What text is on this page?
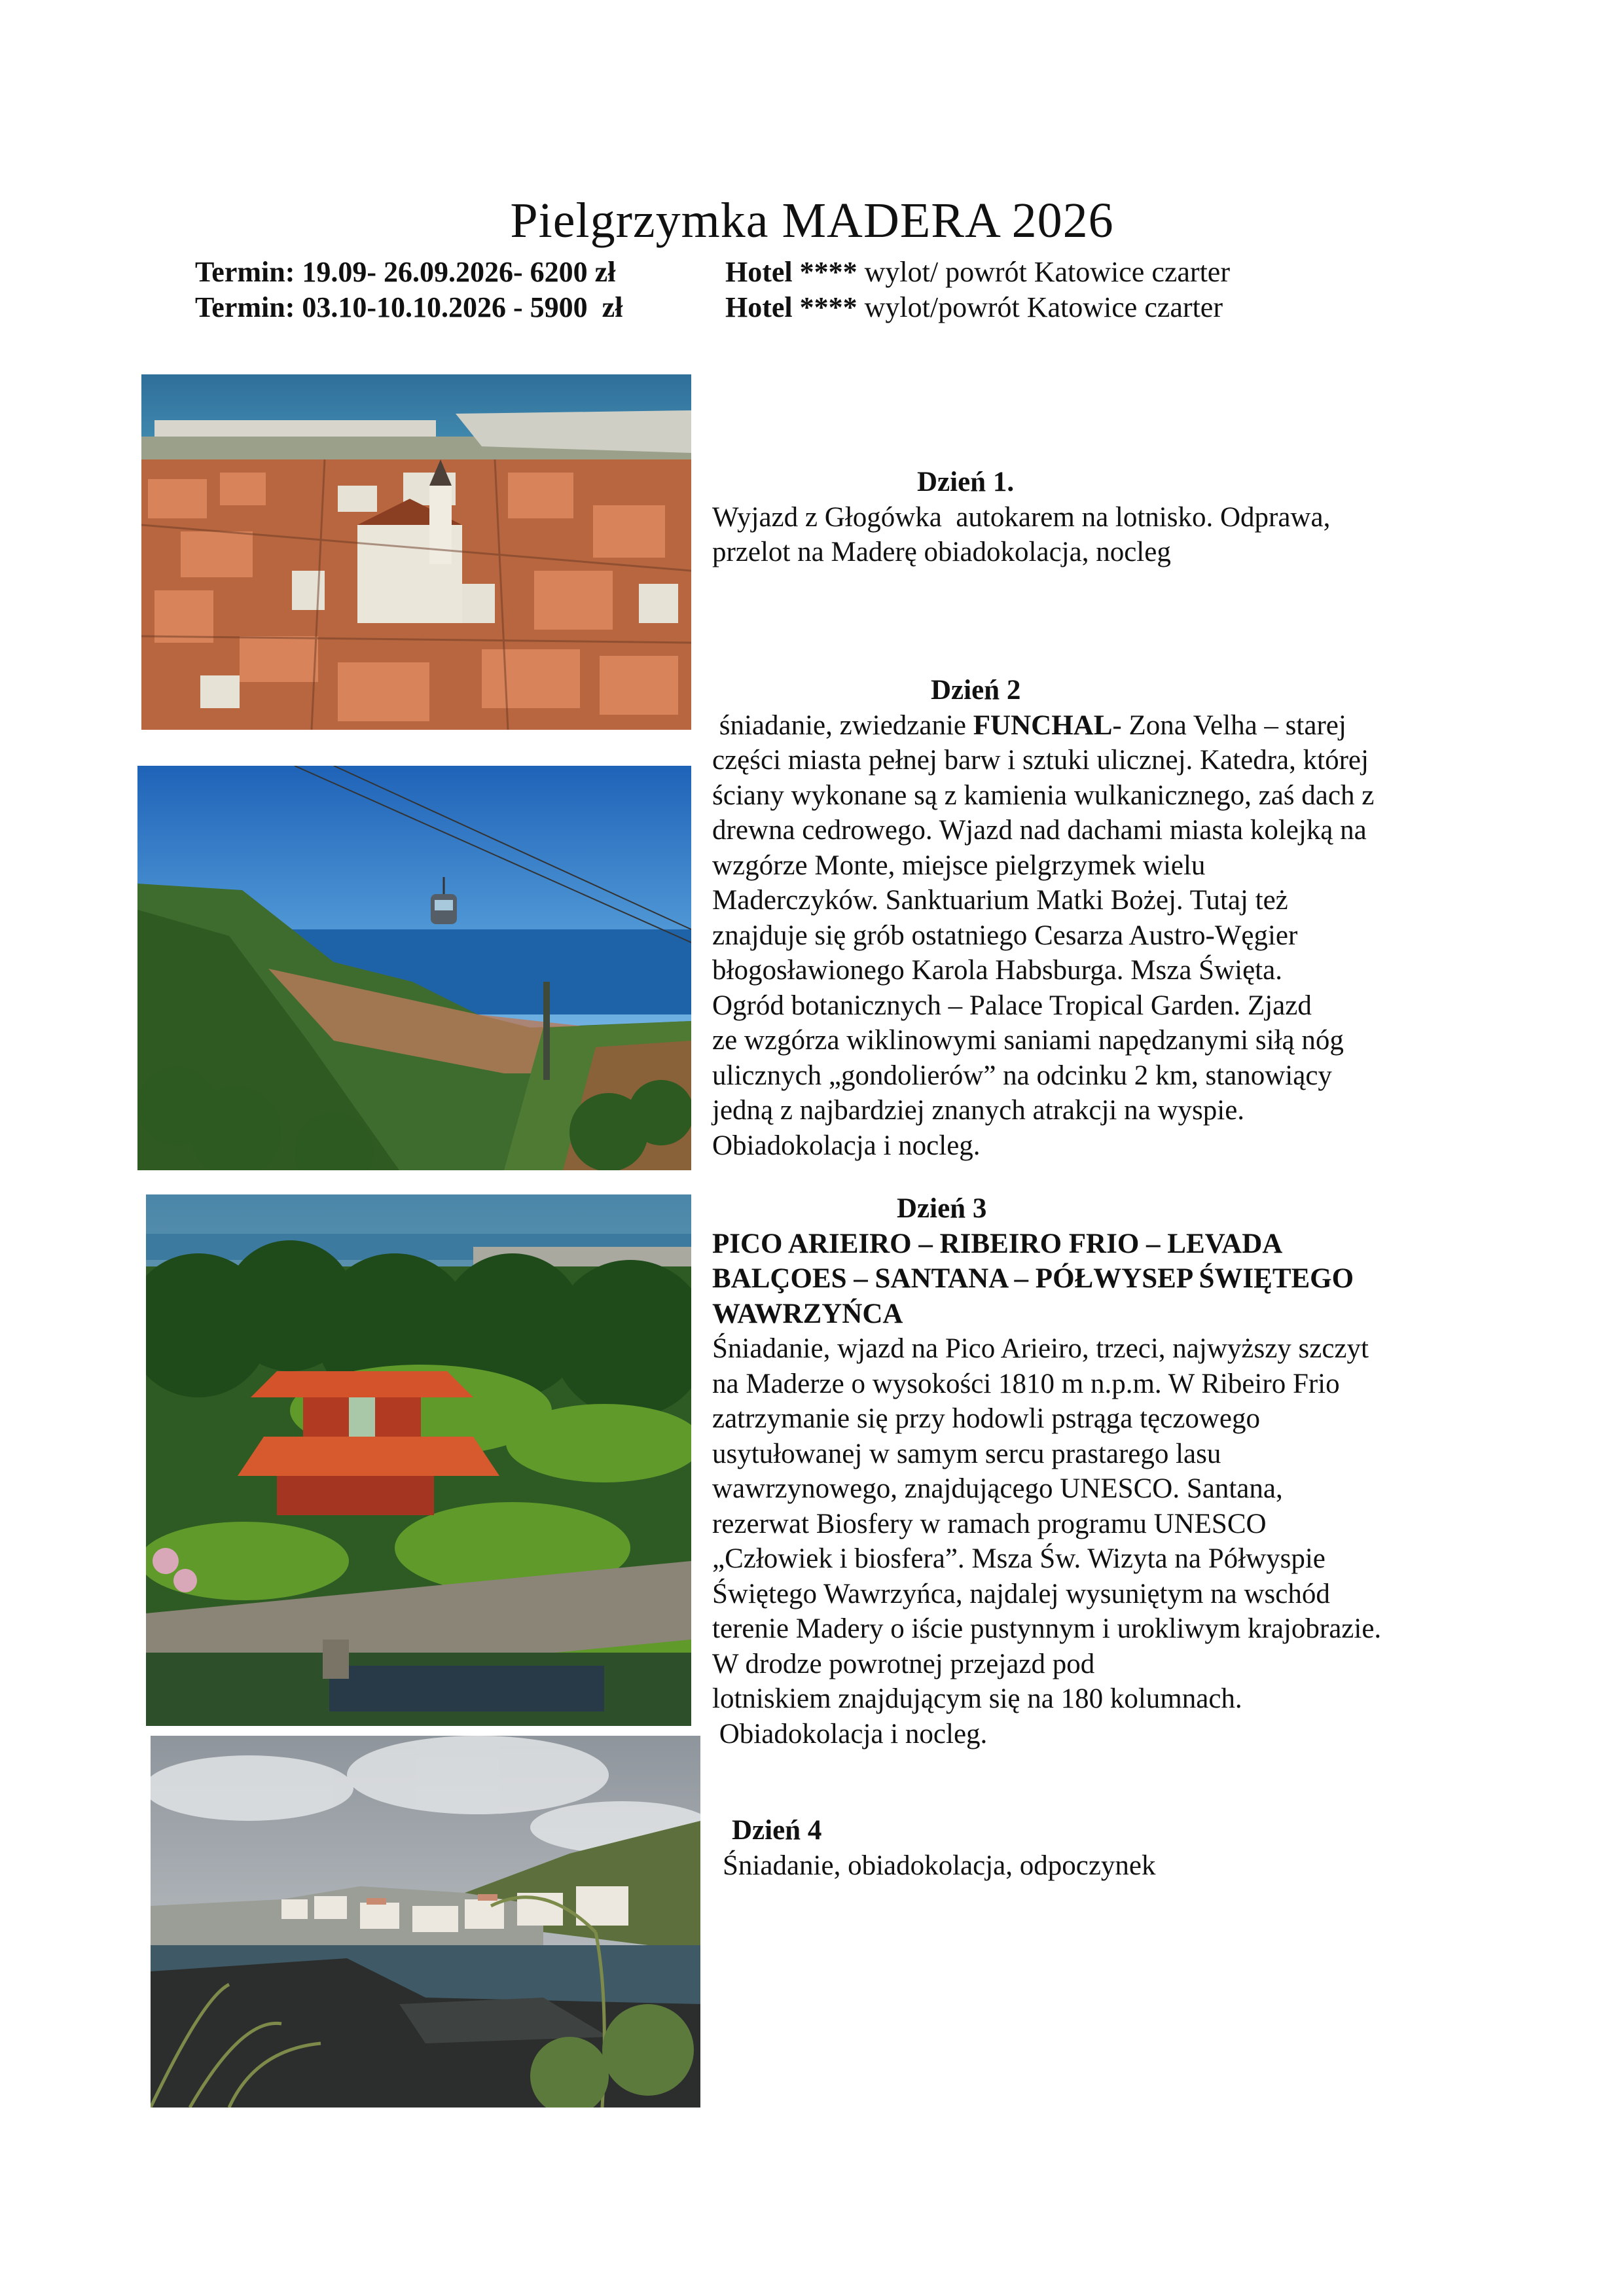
Pielgrzymka MADERA 2026
Termin: 19.09- 26.09.2026- 6200 zł	Hotel **** wylot/ powrót Katowice czarter
Termin: 03.10-10.10.2026 - 5900  zł	Hotel **** wylot/powrót Katowice czarter

Dzień 1.

Wyjazd z Głogówka  autokarem na lotnisko. Odprawa,

przelot na Maderę obiadokolacja, nocleg

Dzień 2

śniadanie, zwiedzanie FUNCHAL- Zona Velha – starej

części miasta pełnej barw i sztuki ulicznej. Katedra, której

ściany wykonane są z kamienia wulkanicznego, zaś dach z

drewna cedrowego. Wjazd nad dachami miasta kolejką na

wzgórze Monte, miejsce pielgrzymek wielu

Maderczyków. Sanktuarium Matki Bożej. Tutaj też

znajduje się grób ostatniego Cesarza Austro-Węgier

błogosławionego Karola Habsburga. Msza Święta.

Ogród botanicznych – Palace Tropical Garden. Zjazd

ze wzgórza wiklinowymi saniami napędzanymi siłą nóg

ulicznych „gondolierów” na odcinku 2 km, stanowiący

jedną z najbardziej znanych atrakcji na wyspie.

Obiadokolacja i nocleg.

Dzień 3

PICO ARIEIRO – RIBEIRO FRIO – LEVADA

BALÇOES – SANTANA – PÓŁWYSEP ŚWIĘTEGO

WAWRZYŃCA

Śniadanie, wjazd na Pico Arieiro, trzeci, najwyższy szczyt

na Maderze o wysokości 1810 m n.p.m. W Ribeiro Frio

zatrzymanie się przy hodowli pstrąga tęczowego

usytułowanej w samym sercu prastarego lasu

wawrzynowego, znajdującego UNESCO. Santana,

rezerwat Biosfery w ramach programu UNESCO

„Człowiek i biosfera”. Msza Św. Wizyta na Półwyspie

Świętego Wawrzyńca, najdalej wysuniętym na wschód

terenie Madery o iście pustynnym i urokliwym krajobrazie.

W drodze powrotnej przejazd pod

lotniskiem znajdującym się na 180 kolumnach.

Obiadokolacja i nocleg.

Dzień 4

Śniadanie, obiadokolacja, odpoczynek
